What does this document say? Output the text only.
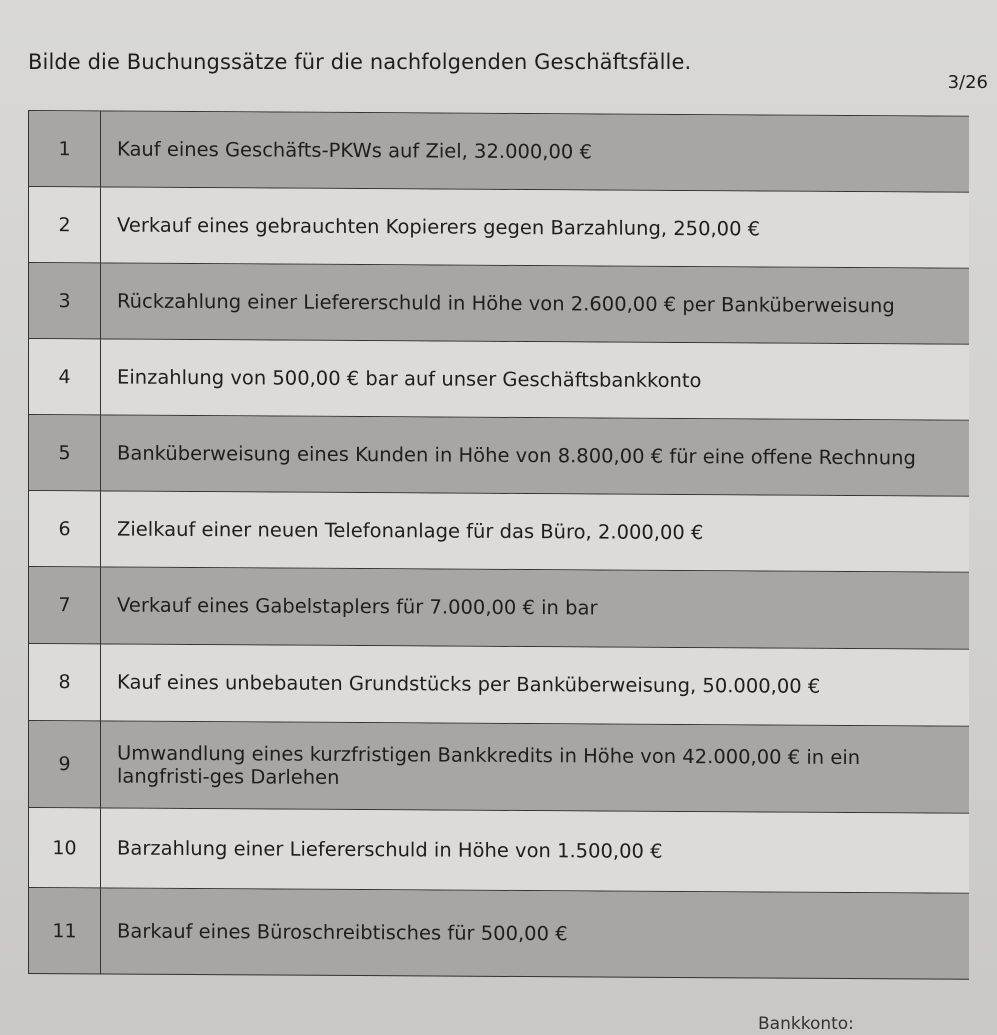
Bilde die Buchungssätze für die nachfolgenden Geschäftsfälle.
3/26
1	Kauf eines Geschäfts-PKWs auf Ziel, 32.000,00 €
2	Verkauf eines gebrauchten Kopierers gegen Barzahlung, 250,00 €
3	Rückzahlung einer Liefererschuld in Höhe von 2.600,00 € per Banküberweisung
4	Einzahlung von 500,00 € bar auf unser Geschäftsbankkonto
5	Banküberweisung eines Kunden in Höhe von 8.800,00 € für eine offene Rechnung
6	Zielkauf einer neuen Telefonanlage für das Büro, 2.000,00 €
7	Verkauf eines Gabelstaplers für 7.000,00 € in bar
8	Kauf eines unbebauten Grundstücks per Banküberweisung, 50.000,00 €
9	Umwandlung eines kurzfristigen Bankkredits in Höhe von 42.000,00 € in ein langfristi-ges Darlehen
10	Barzahlung einer Liefererschuld in Höhe von 1.500,00 €
11	Barkauf eines Büroschreibtisches für 500,00 €
Bankkonto:
